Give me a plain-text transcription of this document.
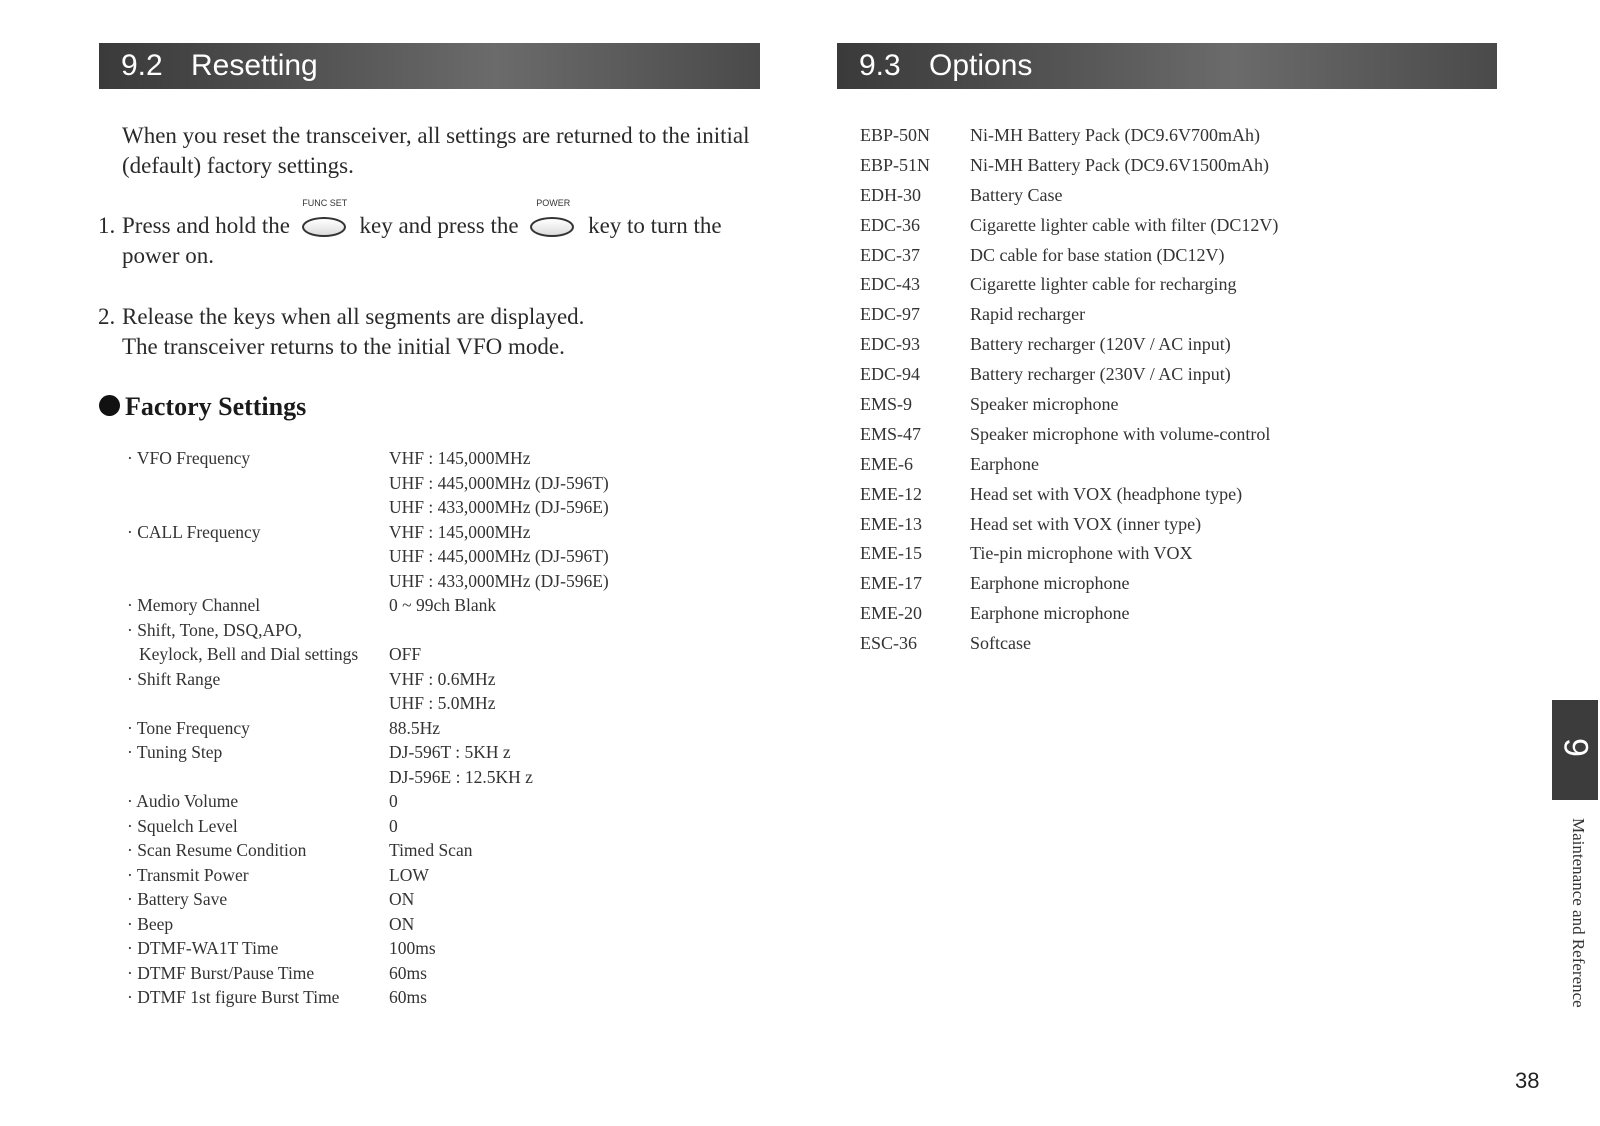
9.2 Resetting
When you reset the transceiver, all settings are returned to the initial (default) factory settings.
1. Press and hold the
FUNC SET
key and press the
POWER
key to turn the power on.
2. Release the keys when all segments are displayed.
The transceiver returns to the initial VFO mode.
Factory Settings
· VFO Frequency	VHF : 145,000MHz
UHF : 445,000MHz (DJ-596T)
UHF : 433,000MHz (DJ-596E)
· CALL Frequency	VHF : 145,000MHz
UHF : 445,000MHz (DJ-596T)
UHF : 433,000MHz (DJ-596E)
· Memory Channel	0 ~ 99ch Blank
· Shift, Tone, DSQ,APO,
Keylock, Bell and Dial settings OFF
· Shift Range	VHF : 0.6MHz
UHF : 5.0MHz
· Tone Frequency	88.5Hz
· Tuning Step	DJ-596T : 5KH z
DJ-596E : 12.5KH z
· Audio Volume	0
· Squelch Level	0
· Scan Resume Condition	Timed Scan
· Transmit Power	LOW
· Battery Save	ON
· Beep	ON
· DTMF-WA1T Time	100ms
· DTMF Burst/Pause Time	60ms
· DTMF 1st figure Burst Time	60ms
9.3 Options
EBP-50N Ni-MH Battery Pack (DC9.6V700mAh)
EBP-51N Ni-MH Battery Pack (DC9.6V1500mAh)
EDH-30	Battery Case
EDC-36	Cigarette lighter cable with filter (DC12V)
EDC-37	DC cable for base station (DC12V)
EDC-43	Cigarette lighter cable for recharging
EDC-97	Rapid recharger
EDC-93	Battery recharger (120V / AC input)
EDC-94	Battery recharger (230V / AC input)
EMS-9	Speaker microphone
EMS-47	Speaker microphone with volume-control
EME-6	Earphone
EME-12	Head set with VOX (headphone type)
EME-13	Head set with VOX (inner type)
EME-15	Tie-pin microphone with VOX
EME-17	Earphone microphone
EME-20	Earphone microphone
ESC-36	Softcase
9
Maintenance and Reference
38
